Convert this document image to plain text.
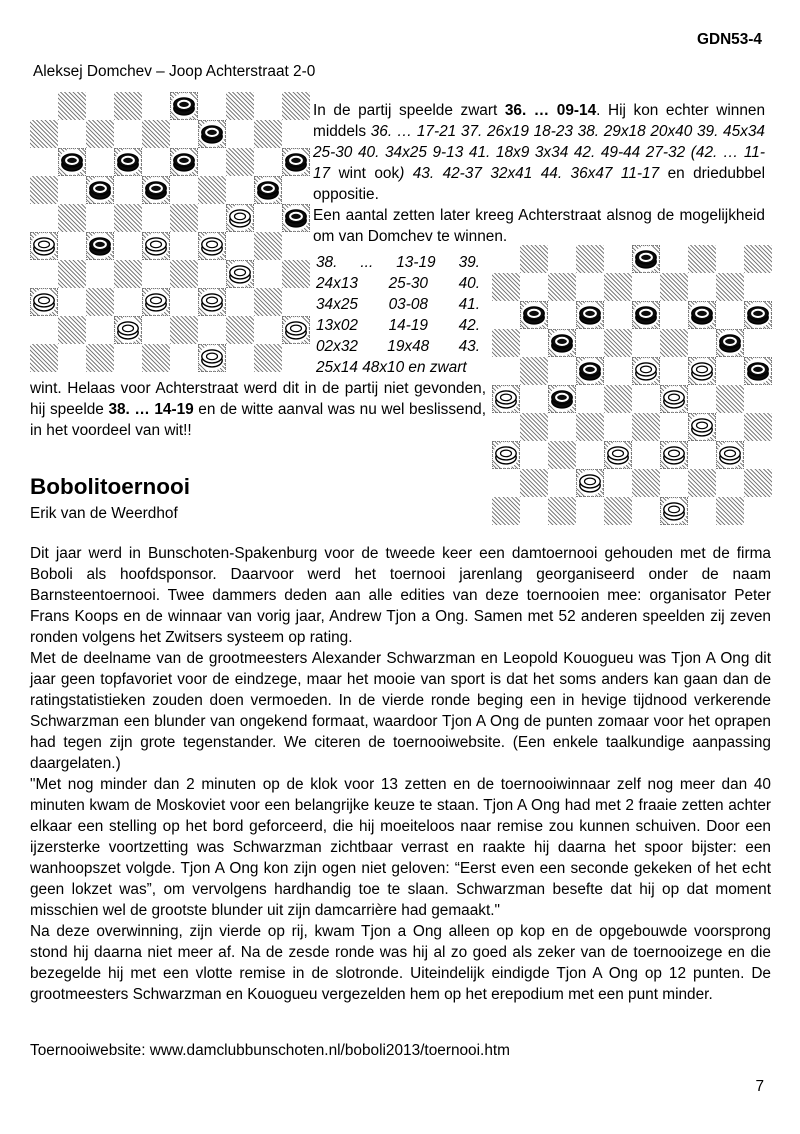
GDN53-4
Aleksej Domchev – Joop Achterstraat 2-0
In de partij speelde zwart 36. … 09-14. Hij kon echter winnen middels 36. … 17-21 37. 26x19 18-23 38. 29x18 20x40 39. 45x34 25-30 40. 34x25 9-13 41. 18x9 3x34 42. 49-44 27-32 (42. … 11-17 wint ook) 43. 42-37 32x41 44. 36x47 11-17 en driedubbel oppositie.
Een aantal zetten later kreeg Achterstraat alsnog de mogelijkheid om van Domchev te winnen.
38. ... 13-19 39.
24x13 25-30 40.
34x25 03-08 41.
13x02 14-19 42.
02x32 19x48 43.
25x14 48x10 en zwart
wint. Helaas voor Achterstraat werd dit in de partij niet gevonden, hij speelde 38. … 14-19 en de witte aanval was nu wel beslissend, in het voordeel van wit!!
Bobolitoernooi
Erik van de Weerdhof

Dit jaar werd in Bunschoten-Spakenburg voor de tweede keer een damtoernooi gehouden met de firma Boboli als hoofdsponsor. Daarvoor werd het toernooi jarenlang georganiseerd onder de naam Barnsteentoernooi. Twee dammers deden aan alle edities van deze toernooien mee: organisator Peter Frans Koops en de winnaar van vorig jaar, Andrew Tjon a Ong. Samen met 52 anderen speelden zij zeven ronden volgens het Zwitsers systeem op rating.

Met de deelname van de grootmeesters Alexander Schwarzman en Leopold Kouogueu was Tjon A Ong dit jaar geen topfavoriet voor de eindzege, maar het mooie van sport is dat het soms anders kan gaan dan de ratingstatistieken zouden doen vermoeden. In de vierde ronde beging een in hevige tijdnood verkerende Schwarzman een blunder van ongekend formaat, waardoor Tjon A Ong de punten zomaar voor het oprapen had tegen zijn grote tegenstander. We citeren de toernooiwebsite. (Een enkele taalkundige aanpassing daargelaten.)

"Met nog minder dan 2 minuten op de klok voor 13 zetten en de toernooiwinnaar zelf nog meer dan 40 minuten kwam de Moskoviet voor een belangrijke keuze te staan. Tjon A Ong had met 2 fraaie zetten achter elkaar een stelling op het bord geforceerd, die hij moeiteloos naar remise zou kunnen schuiven. Door een ijzersterke voortzetting was Schwarzman zichtbaar verrast en raakte hij daarna het spoor bijster: een wanhoopszet volgde. Tjon A Ong kon zijn ogen niet geloven: “Eerst even een seconde gekeken of het echt geen lokzet was”, om vervolgens hardhandig toe te slaan. Schwarzman besefte dat hij op dat moment misschien wel de grootste blunder uit zijn damcarrière had gemaakt."

Na deze overwinning, zijn vierde op rij, kwam Tjon a Ong alleen op kop en de opgebouwde voorsprong stond hij daarna niet meer af. Na de zesde ronde was hij al zo goed als zeker van de toernooizege en die bezegelde hij met een vlotte remise in de slotronde. Uiteindelijk eindigde Tjon A Ong op 12 punten. De grootmeesters Schwarzman en Kouogueu vergezelden hem op het erepodium met een punt minder.

Toernooiwebsite: www.damclubbunschoten.nl/boboli2013/toernooi.htm
7
